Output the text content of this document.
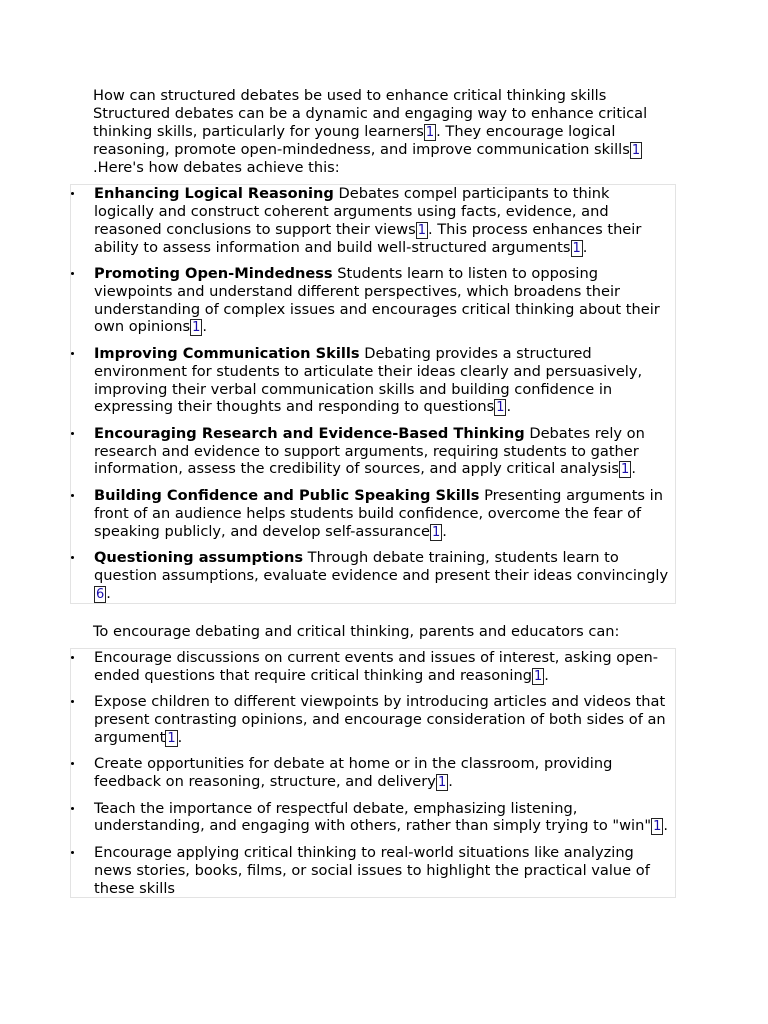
How can structured debates be used to enhance critical thinking skills
Structured debates can be a dynamic and engaging way to enhance critical thinking skills, particularly for young learners 1 . They encourage logical reasoning, promote open-mindedness, and improve communication skills 1.Here's how debates achieve this:
Enhancing Logical Reasoning Debates compel participants to think logically and construct coherent arguments using facts, evidence, and reasoned conclusions to support their views 1 . This process enhances their ability to assess information and build well-structured arguments 1 .
Promoting Open-Mindedness Students learn to listen to opposing viewpoints and understand different perspectives, which broadens their understanding of complex issues and encourages critical thinking about their own opinions 1 .
Improving Communication Skills Debating provides a structured environment for students to articulate their ideas clearly and persuasively, improving their verbal communication skills and building confidence in expressing their thoughts and responding to questions 1 .
Encouraging Research and Evidence-Based Thinking Debates rely on research and evidence to support arguments, requiring students to gather information, assess the credibility of sources, and apply critical analysis 1 .
Building Confidence and Public Speaking Skills Presenting arguments in front of an audience helps students build confidence, overcome the fear of speaking publicly, and develop self-assurance 1 .
Questioning assumptions Through debate training, students learn to question assumptions, evaluate evidence and present their ideas convincingly6 .
To encourage debating and critical thinking, parents and educators can:
Encourage discussions on current events and issues of interest, asking open-ended questions that require critical thinking and reasoning 1 .
Expose children to different viewpoints by introducing articles and videos that present contrasting opinions, and encourage consideration of both sides of an argument 1 .
Create opportunities for debate at home or in the classroom, providing feedback on reasoning, structure, and delivery 1 .
Teach the importance of respectful debate, emphasizing listening, understanding, and engaging with others, rather than simply trying to "win" 1 .
Encourage applying critical thinking to real-world situations like analyzing news stories, books, films, or social issues to highlight the practical value of these skills
